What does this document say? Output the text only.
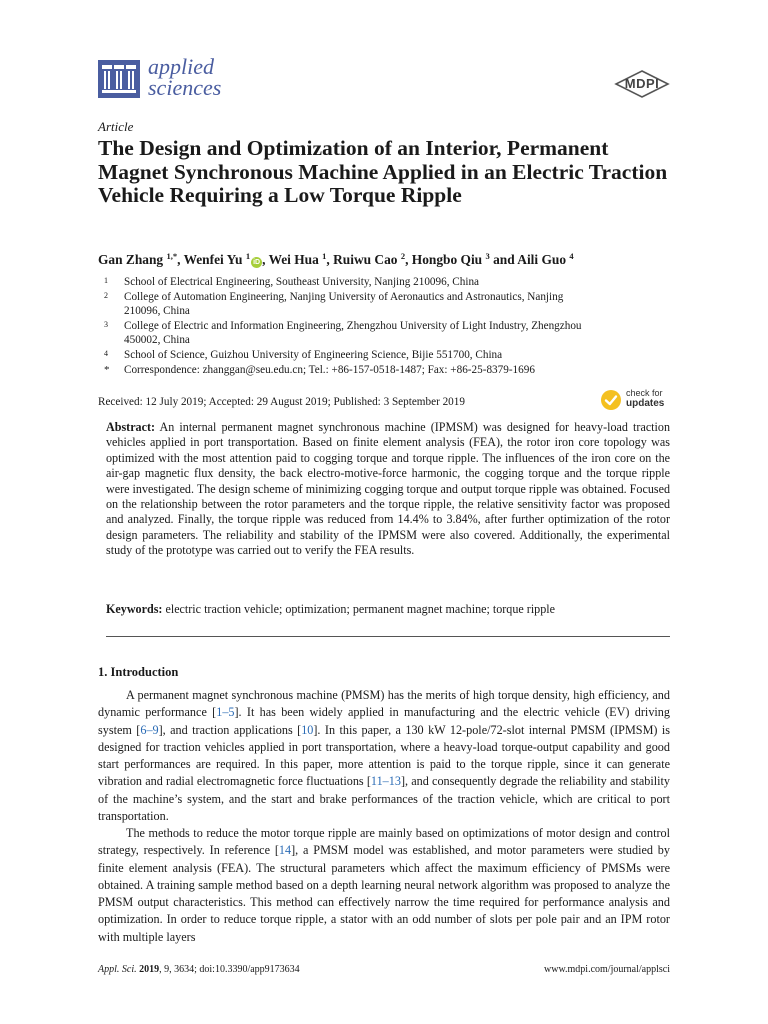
applied
sciences	MDPI
Article
The Design and Optimization of an Interior, Permanent Magnet Synchronous Machine Applied in an Electric Traction Vehicle Requiring a Low Torque Ripple
Gan Zhang $^{1,*}$, Wenfei Yu $^1$iD , Wei Hua $^1$, Ruiwu Cao $^2$, Hongbo Qiu $^3$ and Aili Guo $^4$
1	School of Electrical Engineering, Southeast University, Nanjing 210096, China
2	College of Automation Engineering, Nanjing University of Aeronautics and Astronautics, Nanjing 210096, China
3	College of Electric and Information Engineering, Zhengzhou University of Light Industry, Zhengzhou 450002, China
4	School of Science, Guizhou University of Engineering Science, Bijie 551700, China
*	Correspondence: zhanggan@seu.edu.cn; Tel.: +86-157-0518-1487; Fax: +86-25-8379-1696
Received: 12 July 2019; Accepted: 29 August 2019; Published: 3 September 2019
check for
updates

Abstract: An internal permanent magnet synchronous machine (IPMSM) was designed for heavy-load traction vehicles applied in port transportation. Based on finite element analysis (FEA), the rotor iron core topology was optimized with the most attention paid to cogging torque and torque ripple. The influences of the iron core on the air-gap magnetic flux density, the back electro-motive-force harmonic, the cogging torque and the torque ripple were investigated. The design scheme of minimizing cogging torque and output torque ripple was obtained. Focused on the relationship between the rotor parameters and the torque ripple, the relative sensitivity factor was proposed and analyzed. Finally, the torque ripple was reduced from 14.4% to 3.84%, after further optimization of the rotor design parameters. The reliability and stability of the IPMSM were also covered. Additionally, the experimental study of the prototype was carried out to verify the FEA results.

Keywords: electric traction vehicle; optimization; permanent magnet machine; torque ripple

1. Introduction

A permanent magnet synchronous machine (PMSM) has the merits of high torque density, high efficiency, and dynamic performance [1–5]. It has been widely applied in manufacturing and the electric vehicle (EV) driving system [6–9], and traction applications [10]. In this paper, a 130 kW 12-pole/72-slot internal PMSM (IPMSM) is designed for traction vehicles applied in port transportation, where a heavy-load torque-output capability and good start performances are required. In this paper, more attention is paid to the torque ripple, since it can generate vibration and radial electromagnetic force fluctuations [11–13], and consequently degrade the reliability and stability of the machine’s system, and the start and brake performances of the traction vehicle, which are critical to port transportation.

The methods to reduce the motor torque ripple are mainly based on optimizations of motor design and control strategy, respectively. In reference [14], a PMSM model was established, and motor parameters were studied by finite element analysis (FEA). The structural parameters which affect the maximum efficiency of PMSMs were obtained. A training sample method based on a depth learning neural network algorithm was proposed to analyze the PMSM output characteristics. This method can effectively narrow the time required for performance analysis and optimization. In order to reduce torque ripple, a stator with an odd number of slots per pole pair and an IPM rotor with multiple layers

Appl. Sci. 2019, 9, 3634; doi:10.3390/app9173634	www.mdpi.com/journal/applsci
